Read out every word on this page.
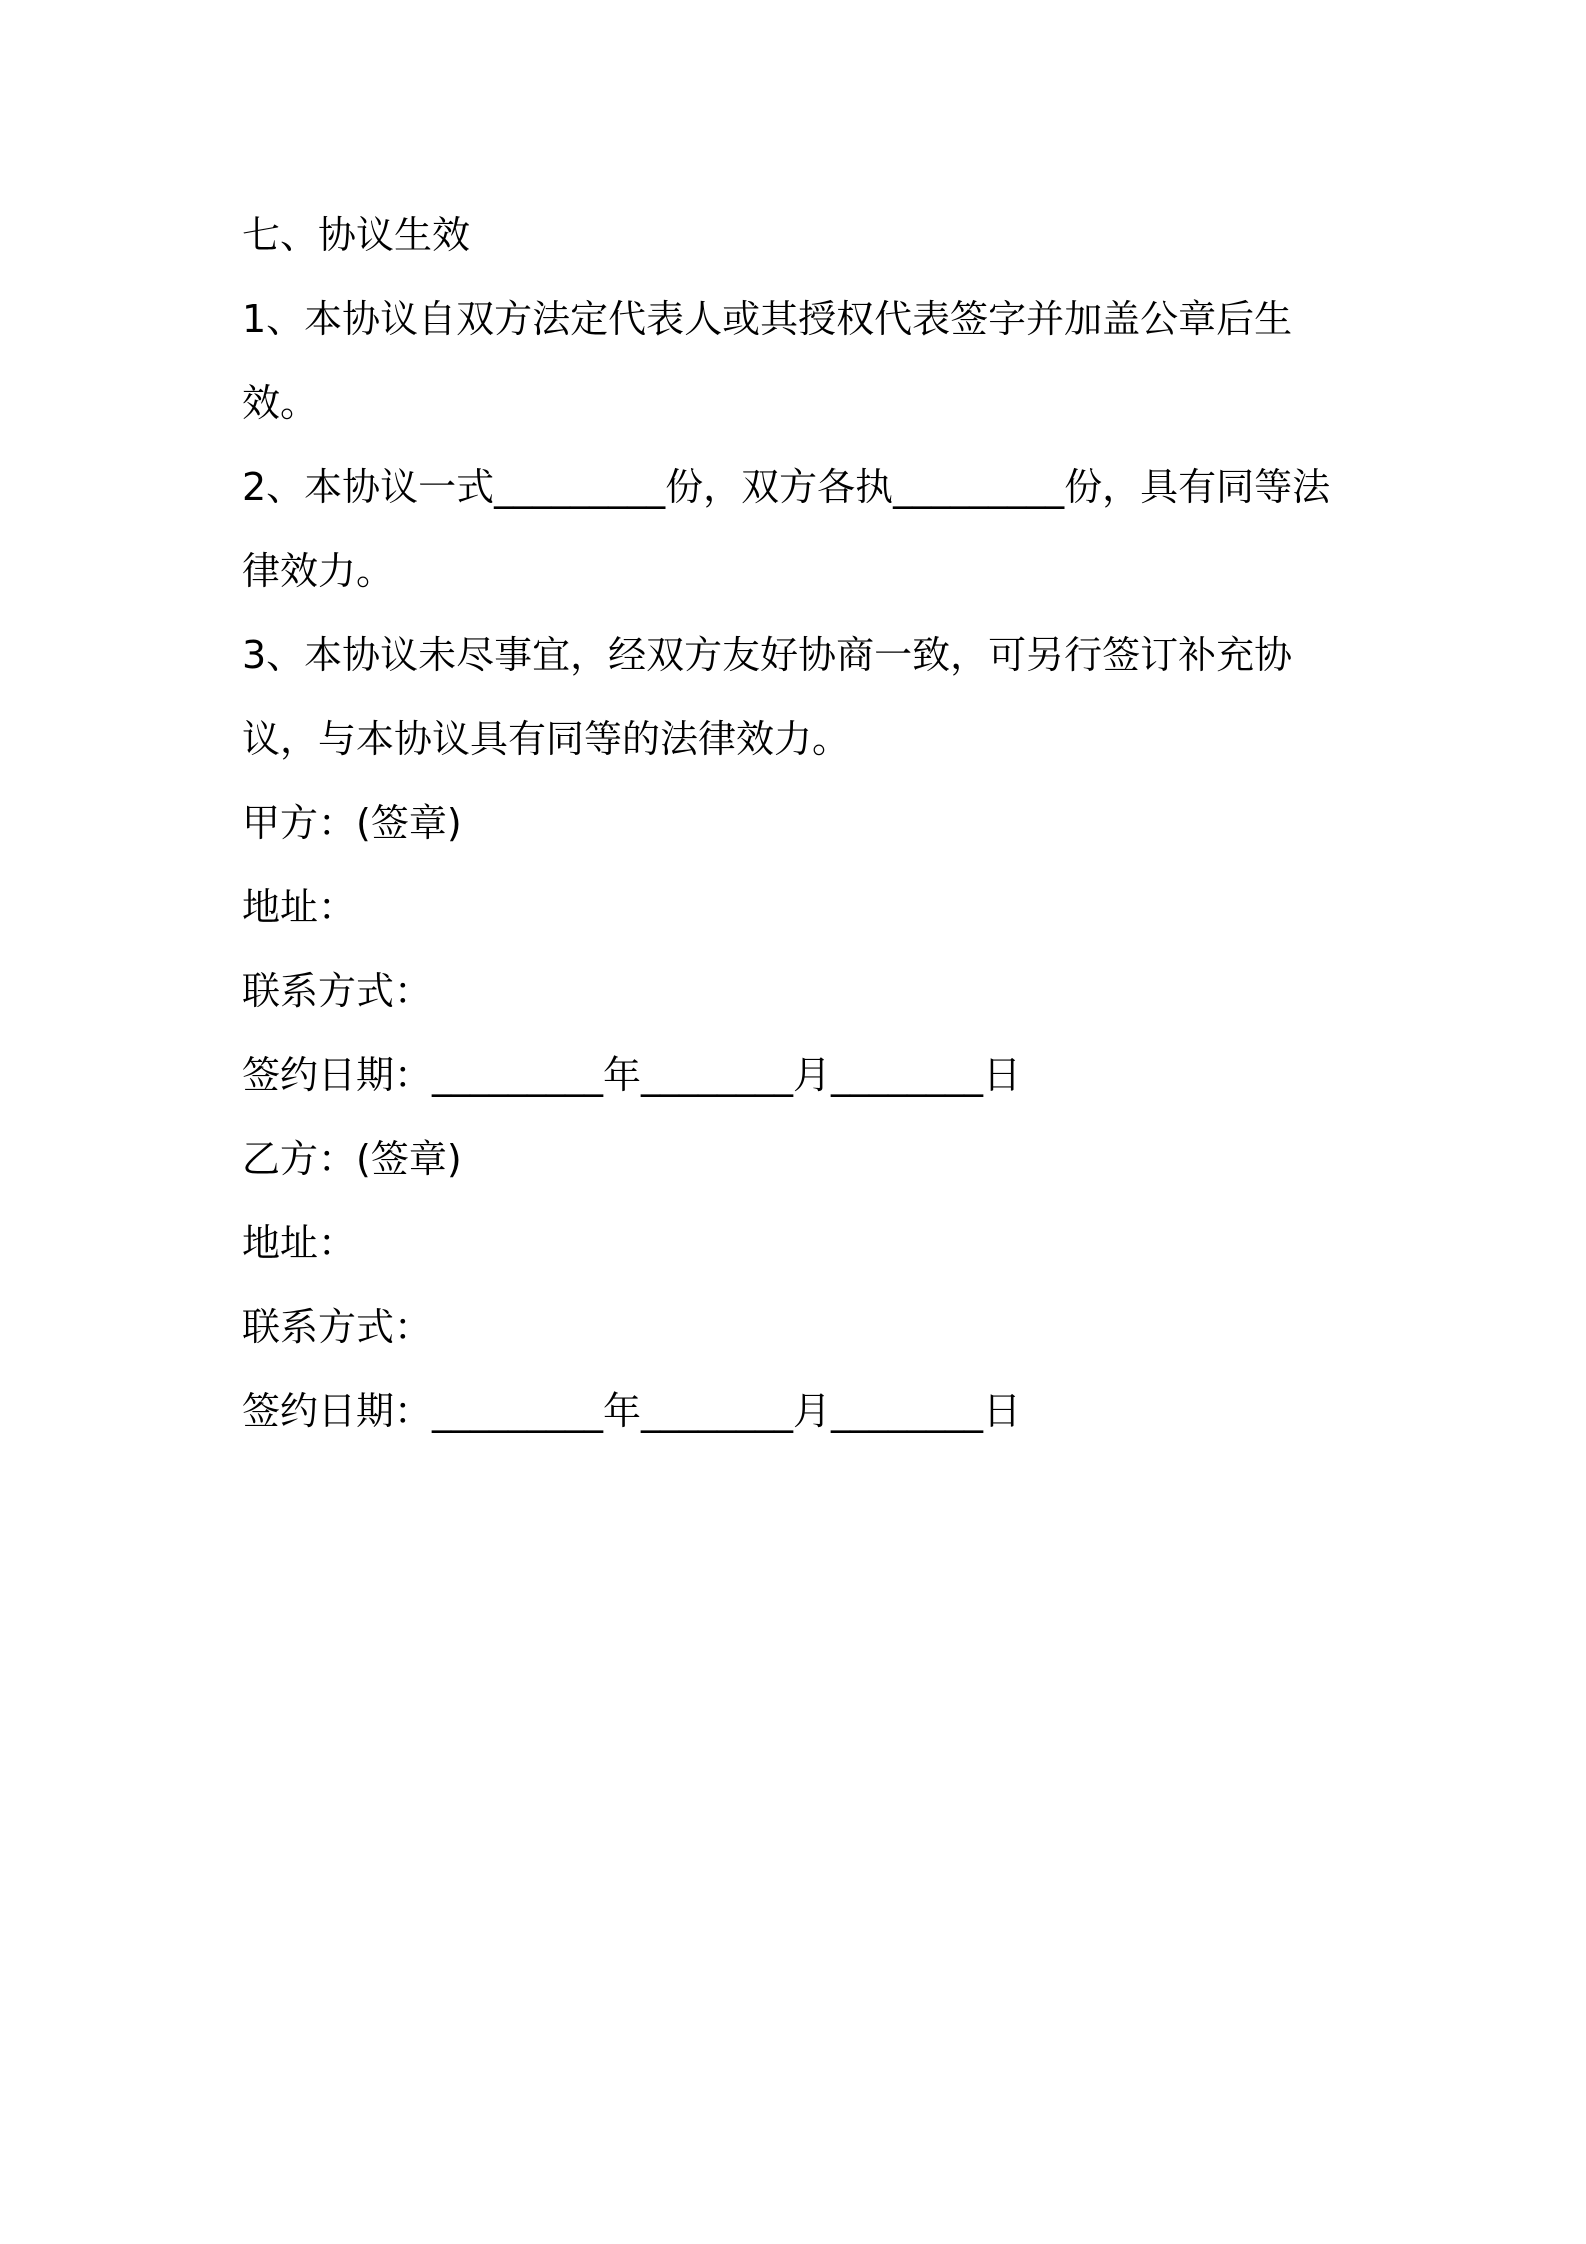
七、协议生效
1、本协议自双方法定代表人或其授权代表签字并加盖公章后生效。
2、本协议一式_________份，双方各执_________份，具有同等法律效力。
3、本协议未尽事宜，经双方友好协商一致，可另行签订补充协议，与本协议具有同等的法律效力。
甲方：(签章)
地址：
联系方式：
签约日期：_________年________月________日
乙方：(签章)
地址：
联系方式：
签约日期：_________年________月________日
